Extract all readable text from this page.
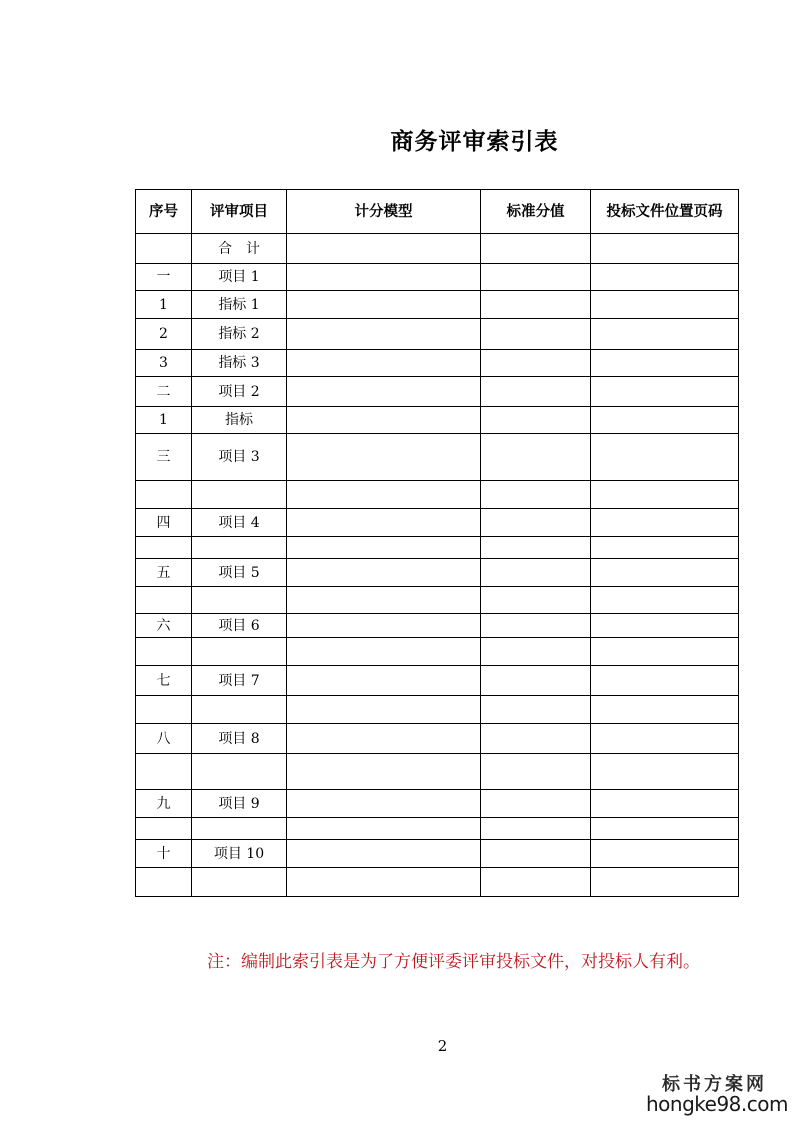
商务评审索引表
序号	评审项目	计分模型	标准分值	投标文件位置页码
	合　计			
一	项目 1			
1	指标 1			
2	指标 2			
3	指标 3			
二	项目 2			
1	指标			
三	项目 3			

四	项目 4			

五	项目 5			

六	项目 6			

七	项目 7			

八	项目 8			

九	项目 9			

十	项目 10			

注：编制此索引表是为了方便评委评审投标文件，对投标人有利。
2
标书方案网
hongke98.com
